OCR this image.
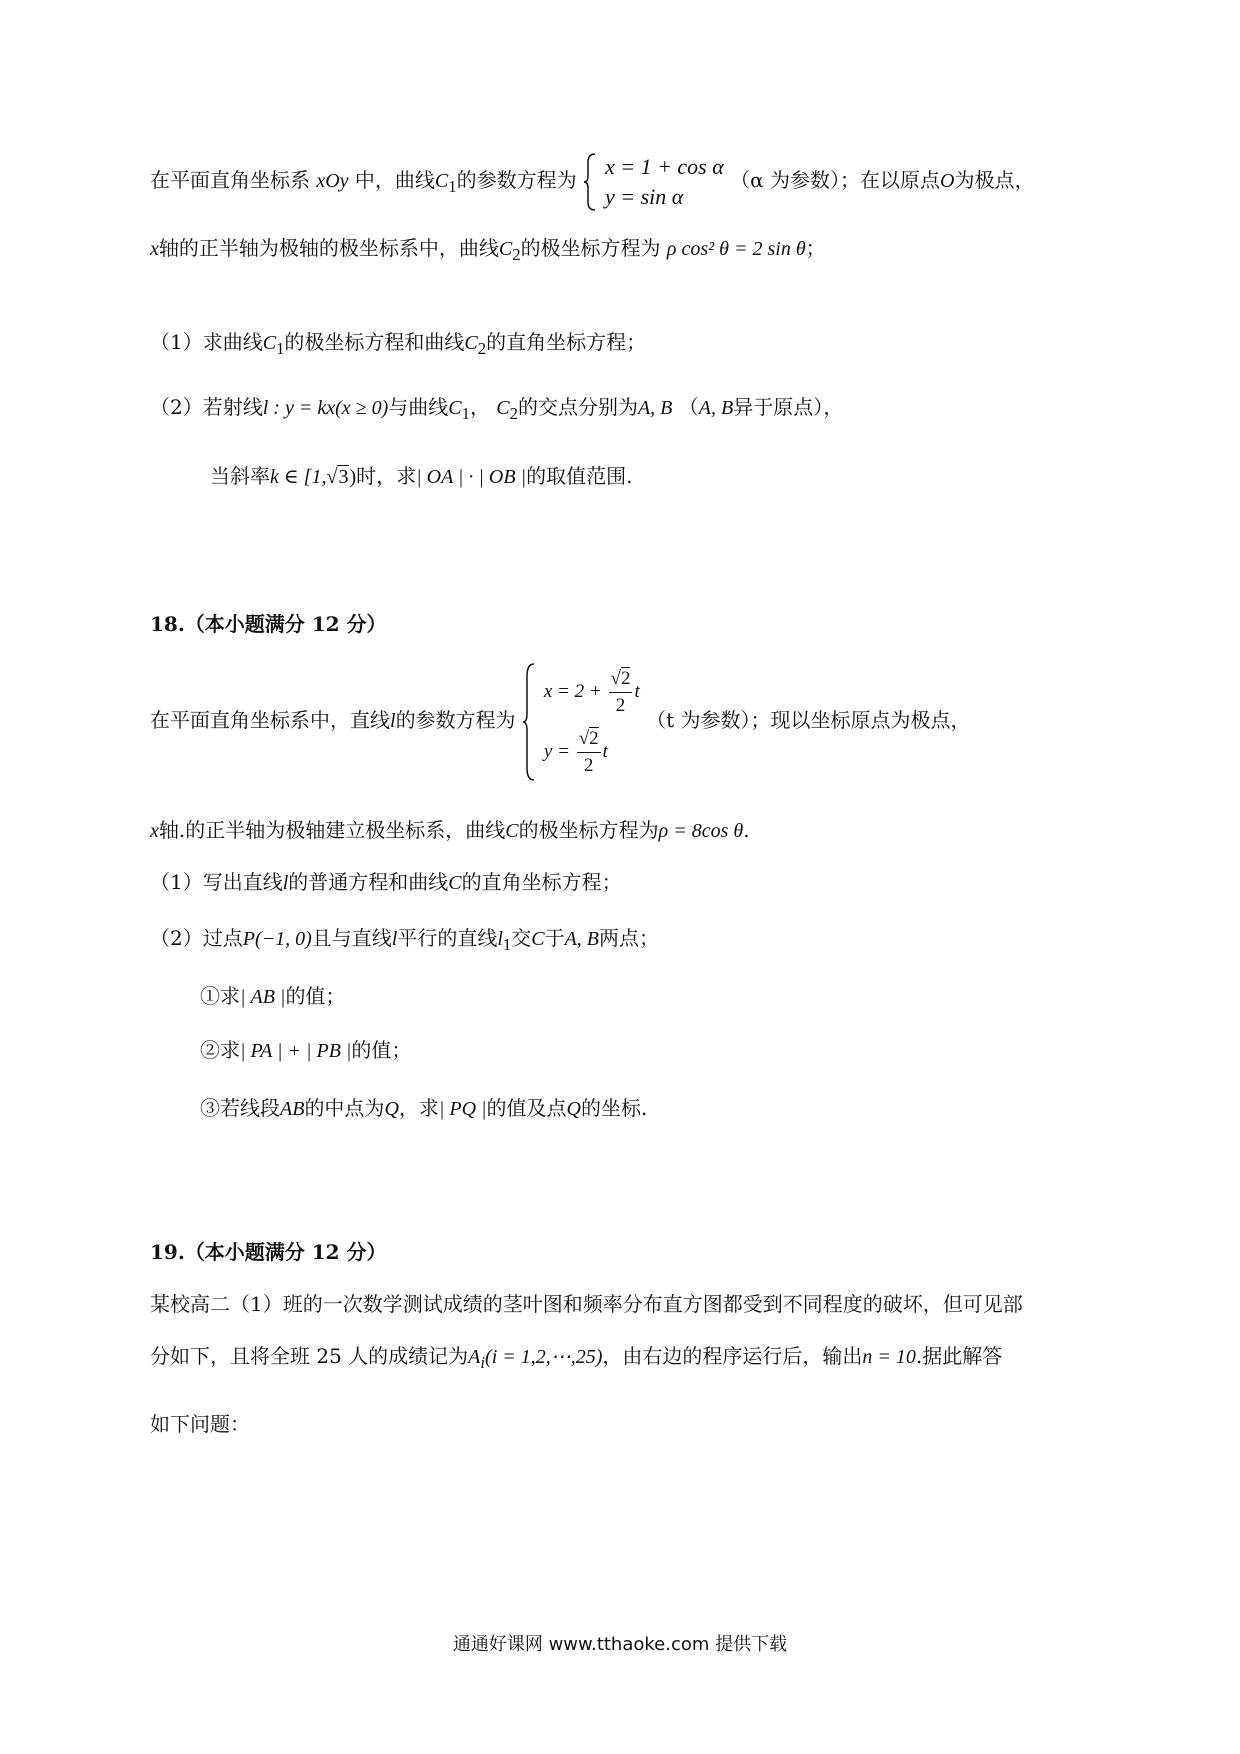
在平面直角坐标系 xOy 中，曲线$C_1$的参数方程为
x = 1 + cos α
y = sin α
（α 为参数）；在以原点O为极点，
x轴的正半轴为极轴的极坐标系中，曲线$C_2$的极坐标方程为 ρ cos² θ = 2 sin θ；
（1）求曲线$C_1$的极坐标方程和曲线$C_2$的直角坐标方程；
（2）若射线l : y = kx(x ≥ 0)与曲线$C_1$， $C_2$的交点分别为A, B （A, B异于原点），
当斜率k ∈ [1,√3)时，求| OA | · | OB |的取值范围.
18.（本小题满分 12 分）
在平面直角坐标系中，直线l的参数方程为
$x = 2 + \frac{√2}{2}$ t
$y = \frac{√2}{2}$ t
（t 为参数）；现以坐标原点为极点，
x轴.的正半轴为极轴建立极坐标系，曲线C的极坐标方程为ρ = 8cos θ.
（1）写出直线l的普通方程和曲线C的直角坐标方程；
（2）过点P(−1, 0)且与直线l平行的直线$l_1$交C于A, B两点；
①求| AB |的值；
②求| PA | + | PB |的值；
③若线段AB的中点为Q，求| PQ |的值及点Q的坐标.
19.（本小题满分 12 分）
某校高二（1）班的一次数学测试成绩的茎叶图和频率分布直方图都受到不同程度的破坏，但可见部
分如下，且将全班 25 人的成绩记为$A_i(i$ = 1,2,⋯,25)，由右边的程序运行后，输出n = 10.据此解答
如下问题：
通通好课网 www.tthaoke.com 提供下载
